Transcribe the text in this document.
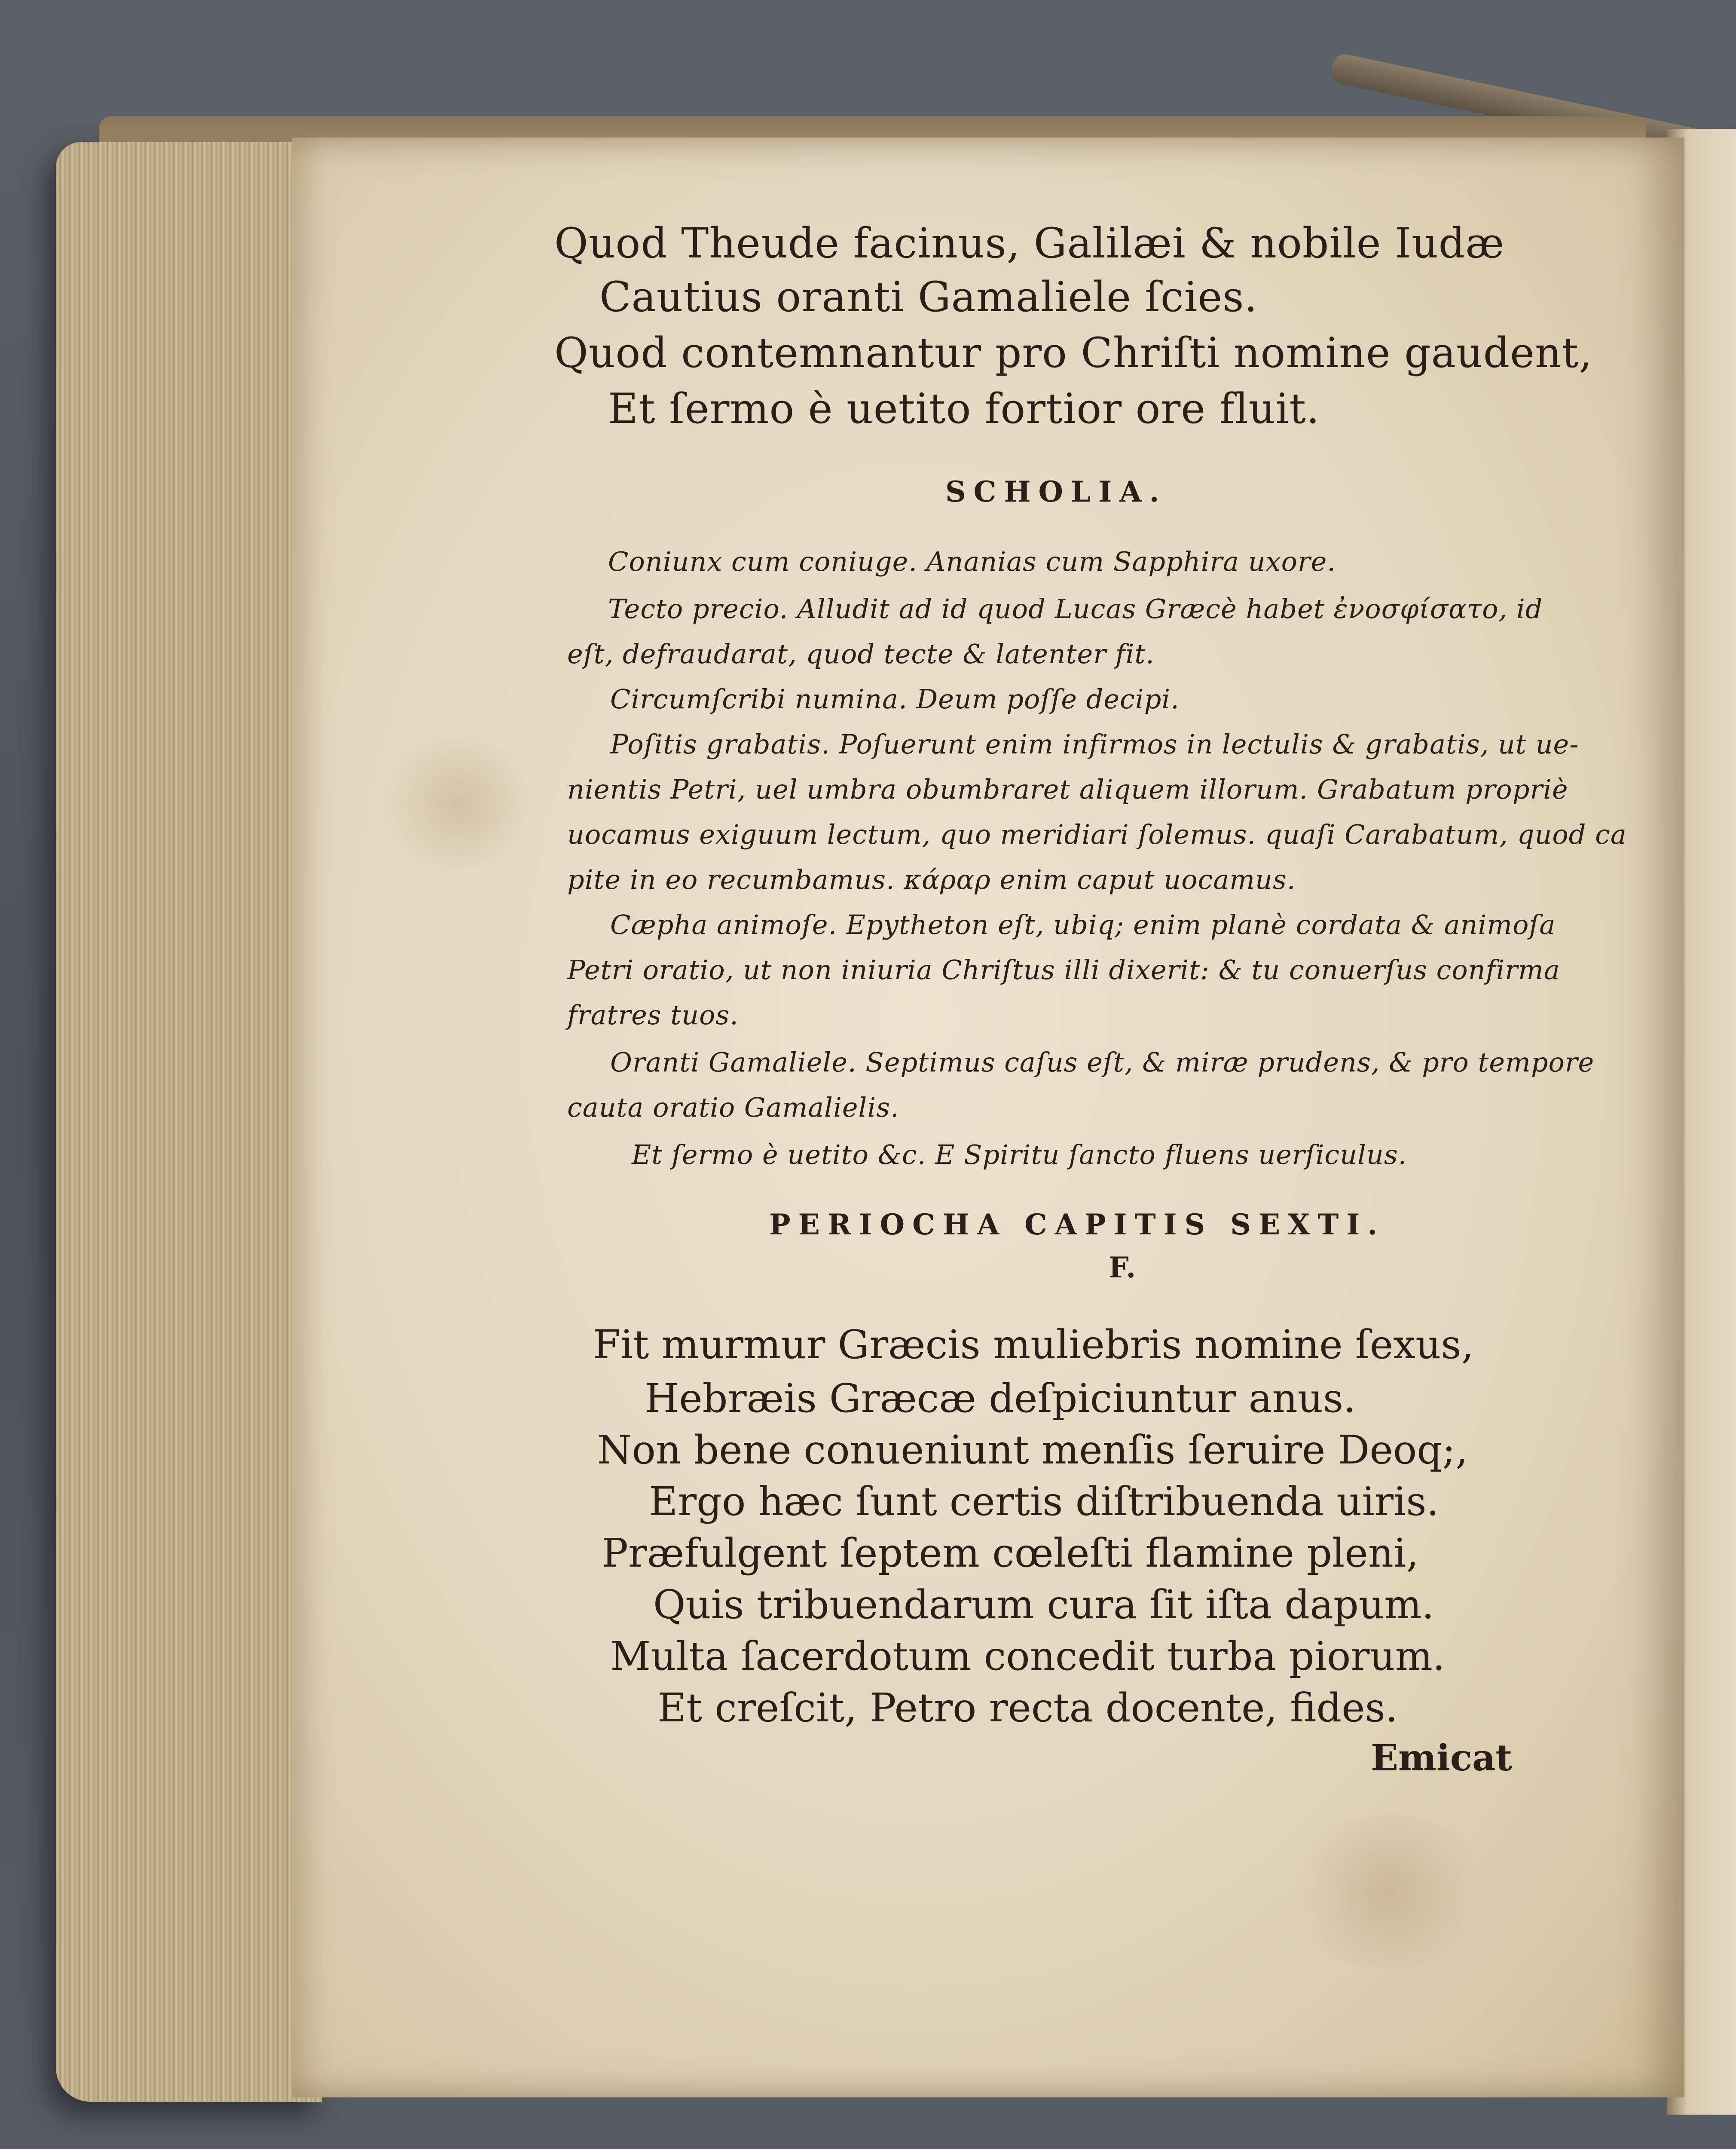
Quod Theude facinus, Galilæi & nobile Iudæ
Cautius oranti Gamaliele ſcies.
Quod contemnantur pro Chriſti nomine gaudent,
Et ſermo è uetito fortior ore fluit.
SCHOLIA.
Coniunx cum coniuge. Ananias cum Sapphira uxore.
Tecto precio. Alludit ad id quod Lucas Græcè habet ἐνοσφίσατο, id
eſt, defraudarat, quod tecte & latenter fit.
Circumſcribi numina. Deum poſſe decipi.
Poſitis grabatis. Poſuerunt enim infirmos in lectulis & grabatis, ut ue-
nientis Petri, uel umbra obumbraret aliquem illorum. Grabatum propriè
uocamus exiguum lectum, quo meridiari ſolemus. quaſi Carabatum, quod ca
pite in eo recumbamus. κάραρ enim caput uocamus.
Cæpha animoſe. Epytheton eſt, ubiq; enim planè cordata & animoſa
Petri oratio, ut non iniuria Chriſtus illi dixerit: & tu conuerſus confirma
fratres tuos.
Oranti Gamaliele. Septimus caſus eſt, & miræ prudens, & pro tempore
cauta oratio Gamalielis.
Et ſermo è uetito &c. E Spiritu ſancto fluens uerſiculus.
PERIOCHA CAPITIS SEXTI.
F.
Fit murmur Græcis muliebris nomine ſexus,
Hebræis Græcæ deſpiciuntur anus.
Non bene conueniunt menſis ſeruire Deoq;,
Ergo hæc ſunt certis diſtribuenda uiris.
Præfulgent ſeptem cœleſti flamine pleni,
Quis tribuendarum cura ſit iſta dapum.
Multa ſacerdotum concedit turba piorum.
Et creſcit, Petro recta docente, fides.
Emicat
